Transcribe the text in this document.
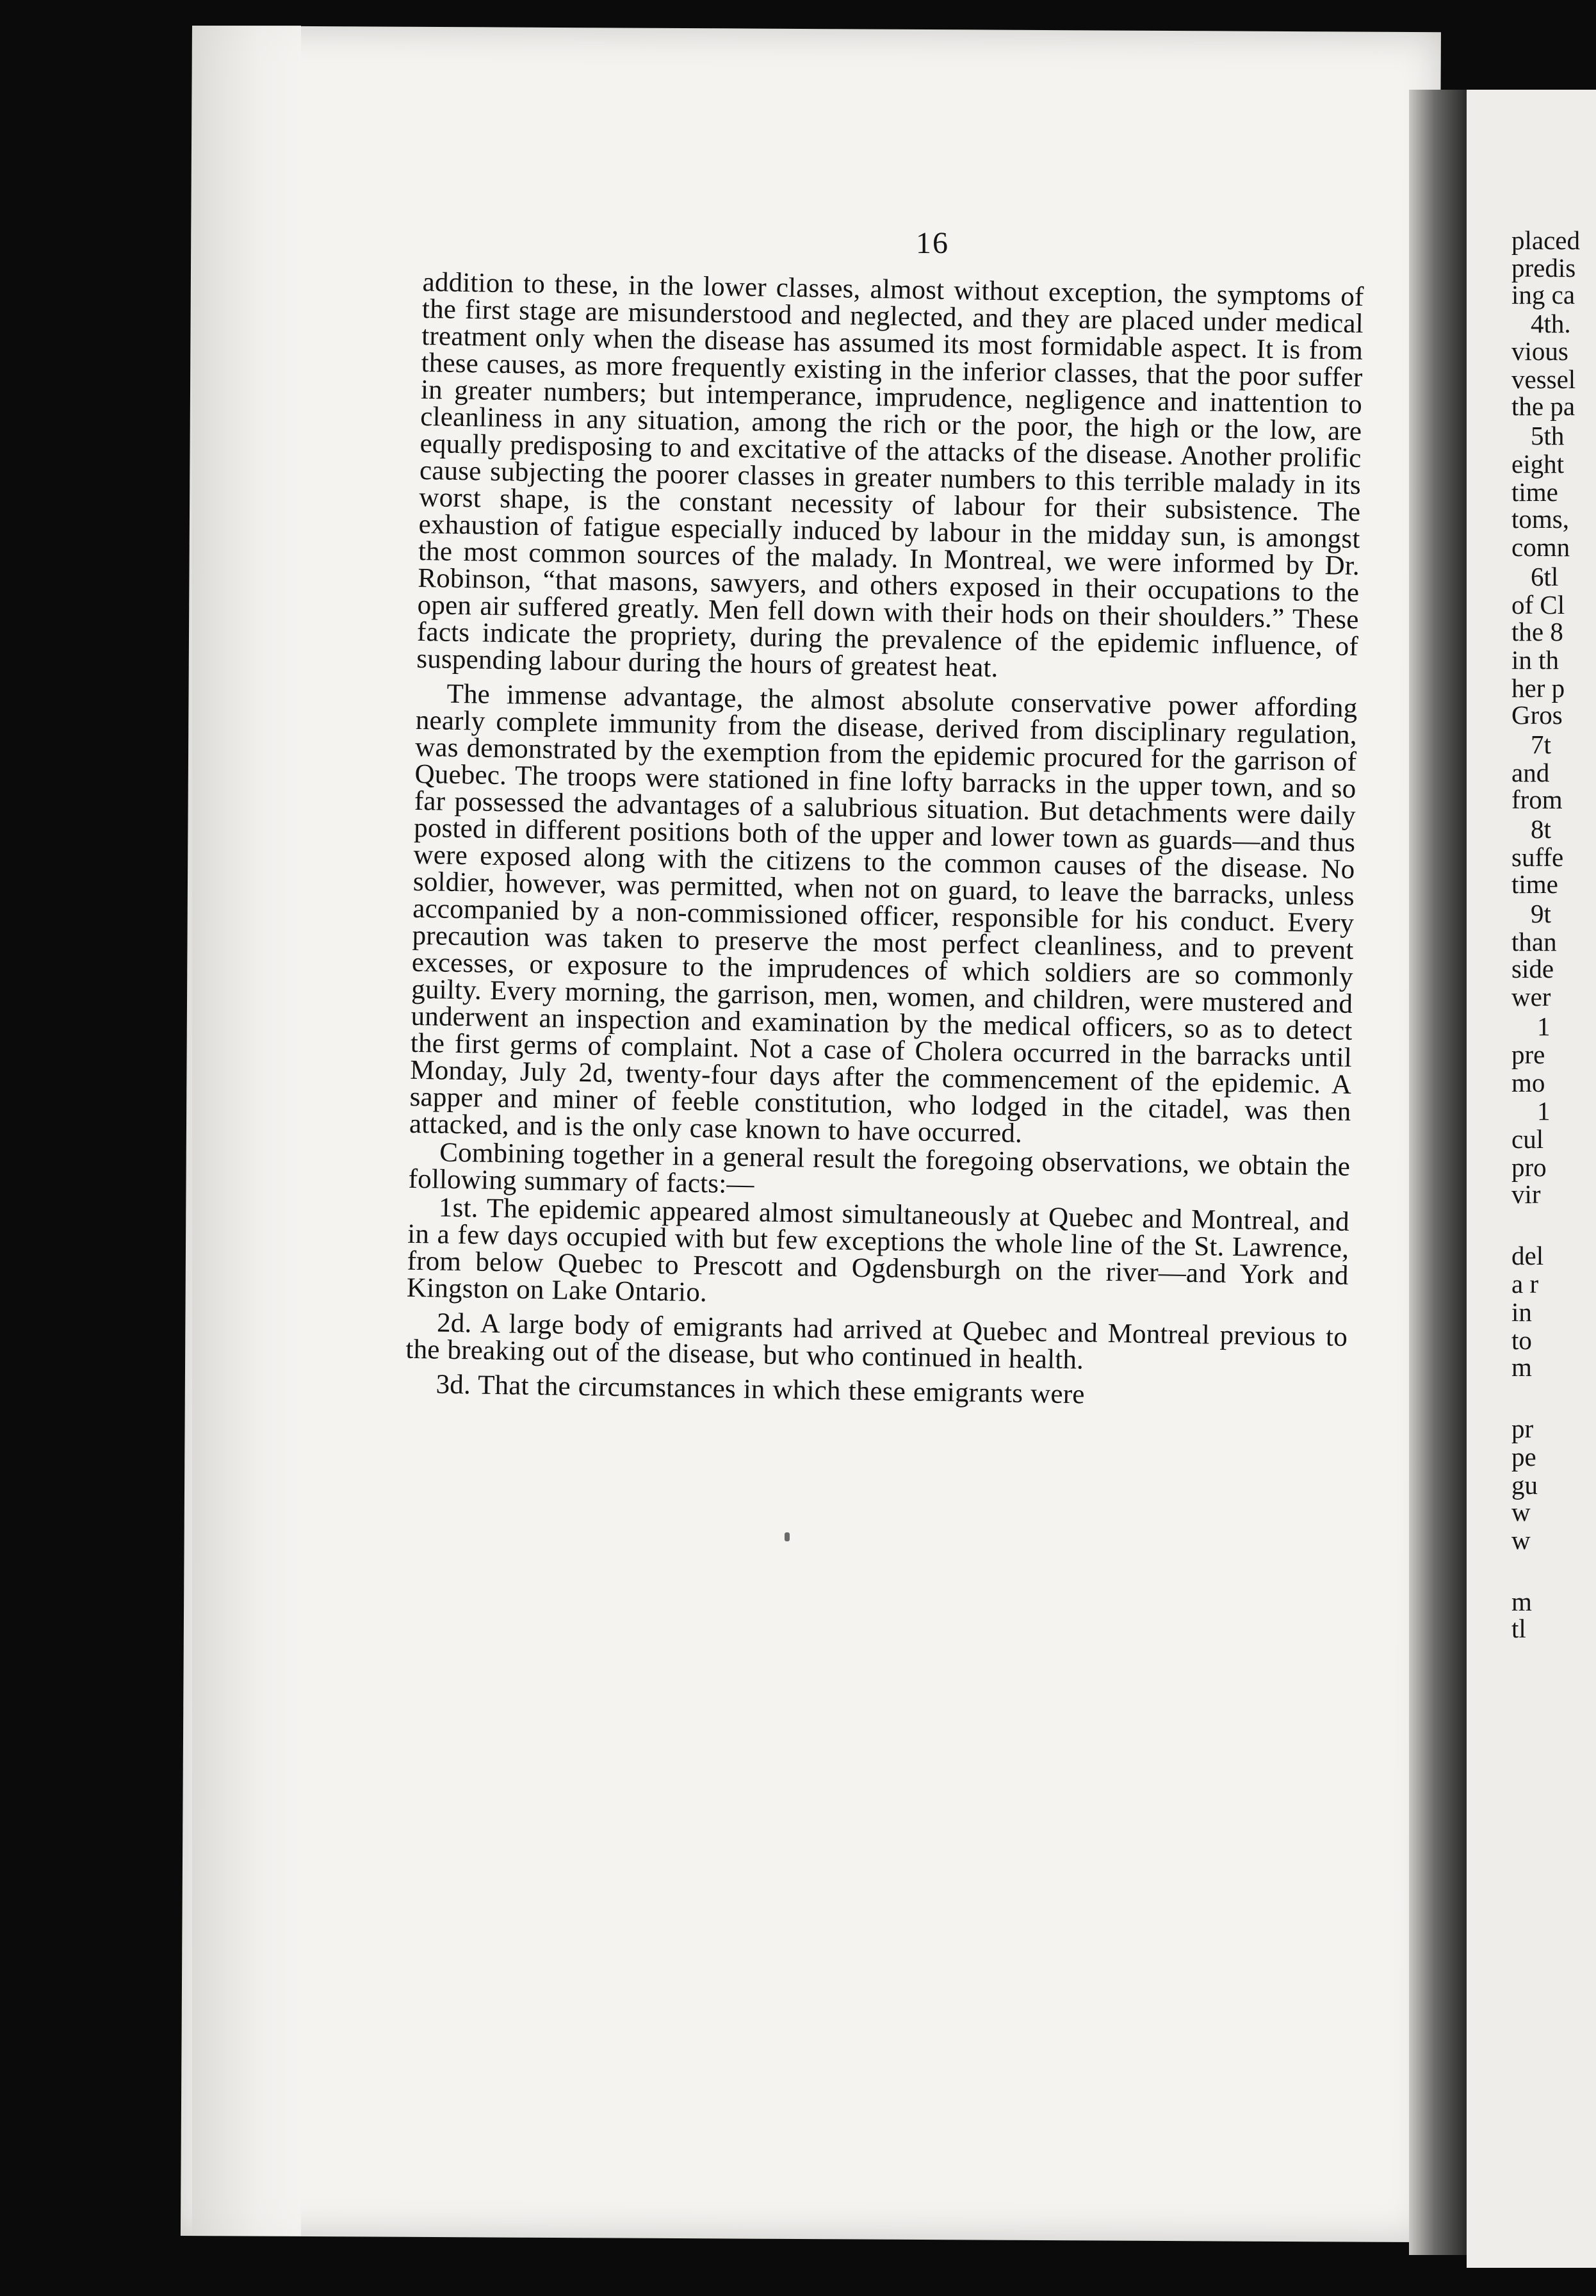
16

addition to these, in the lower classes, almost without exception, the symptoms of the first stage are misunderstood and neglected, and they are placed under medical treatment only when the disease has assumed its most formidable aspect. It is from these causes, as more frequently existing in the inferior classes, that the poor suffer in greater numbers; but intemperance, imprudence, negligence and inattention to cleanliness in any situation, among the rich or the poor, the high or the low, are equally predisposing to and excitative of the attacks of the disease. Another prolific cause subjecting the poorer classes in greater numbers to this terrible malady in its worst shape, is the constant necessity of labour for their subsistence. The exhaustion of fatigue especially induced by labour in the midday sun, is amongst the most common sources of the malady. In Montreal, we were informed by Dr. Robinson, “that masons, sawyers, and others exposed in their occupations to the open air suffered greatly. Men fell down with their hods on their shoulders.” These facts indicate the propriety, during the prevalence of the epidemic influence, of suspending labour during the hours of greatest heat.

The immense advantage, the almost absolute conservative power affording nearly complete immunity from the disease, derived from disciplinary regulation, was demonstrated by the exemption from the epidemic procured for the garrison of Quebec. The troops were stationed in fine lofty barracks in the upper town, and so far possessed the advantages of a salubrious situation. But detachments were daily posted in different positions both of the upper and lower town as guards—and thus were exposed along with the citizens to the common causes of the disease. No soldier, however, was permitted, when not on guard, to leave the barracks, unless accompanied by a non-commissioned officer, responsible for his conduct. Every precaution was taken to preserve the most perfect cleanliness, and to prevent excesses, or exposure to the imprudences of which soldiers are so commonly guilty. Every morning, the garrison, men, women, and children, were mustered and underwent an inspection and examination by the medical officers, so as to detect the first germs of complaint. Not a case of Cholera occurred in the barracks until Monday, July 2d, twenty-four days after the commencement of the epidemic. A sapper and miner of feeble constitution, who lodged in the citadel, was then attacked, and is the only case known to have occurred.

Combining together in a general result the foregoing observations, we obtain the following summary of facts:—

1st. The epidemic appeared almost simultaneously at Quebec and Montreal, and in a few days occupied with but few exceptions the whole line of the St. Lawrence, from below Quebec to Prescott and Ogdensburgh on the river—and York and Kingston on Lake Ontario.

2d. A large body of emigrants had arrived at Quebec and Montreal previous to the breaking out of the disease, but who continued in health.

3d. That the circumstances in which these emigrants were

placed
predis
ing ca
4th.
vious
vessel
the pa
5th
eight
time
toms,
comn
6tl
of Cl
the 8
in th
her p
Gros
7t
and
from
8t
suffe
time
9t
than
side
wer
1
pre
mo
1
cul
pro
vir
del
a r
in
to
m
pr
pe
gu
w
w
m
tl
